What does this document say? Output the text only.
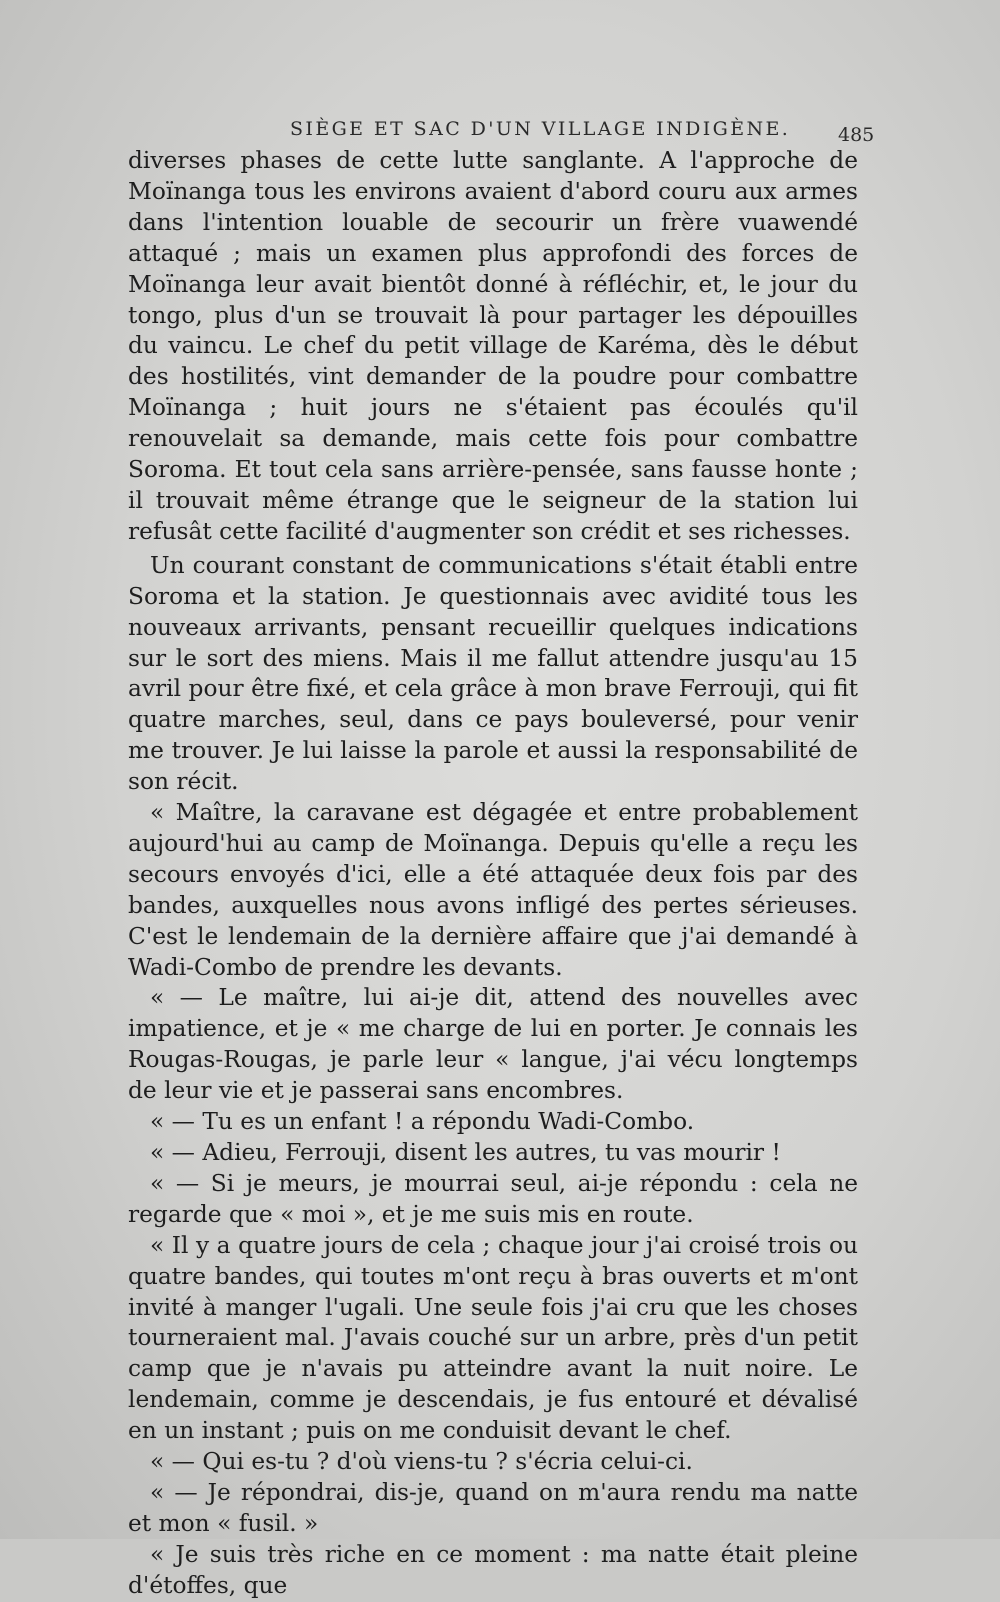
SIÈGE ET SAC D'UN VILLAGE INDIGÈNE.	485

diverses phases de cette lutte sanglante. A l'approche de Moïnanga tous les environs avaient d'abord couru aux armes dans l'intention louable de secourir un frère vuawendé attaqué ; mais un examen plus approfondi des forces de Moïnanga leur avait bientôt donné à réfléchir, et, le jour du tongo, plus d'un se trouvait là pour partager les dépouilles du vaincu. Le chef du petit village de Karéma, dès le début des hostilités, vint demander de la poudre pour combattre Moïnanga ; huit jours ne s'étaient pas écoulés qu'il renouvelait sa demande, mais cette fois pour combattre Soroma. Et tout cela sans arrière-pensée, sans fausse honte ; il trouvait même étrange que le seigneur de la station lui refusât cette facilité d'augmenter son crédit et ses richesses.

Un courant constant de communications s'était établi entre Soroma et la station. Je questionnais avec avidité tous les nouveaux arrivants, pensant recueillir quelques indications sur le sort des miens. Mais il me fallut attendre jusqu'au 15 avril pour être fixé, et cela grâce à mon brave Ferrouji, qui fit quatre marches, seul, dans ce pays bouleversé, pour venir me trouver. Je lui laisse la parole et aussi la responsabilité de son récit.

« Maître, la caravane est dégagée et entre probablement aujourd'hui au camp de Moïnanga. Depuis qu'elle a reçu les secours envoyés d'ici, elle a été attaquée deux fois par des bandes, auxquelles nous avons infligé des pertes sérieuses. C'est le lendemain de la dernière affaire que j'ai demandé à Wadi-Combo de prendre les devants.

« — Le maître, lui ai-je dit, attend des nouvelles avec impatience, et je « me charge de lui en porter. Je connais les Rougas-Rougas, je parle leur « langue, j'ai vécu longtemps de leur vie et je passerai sans encombres.

« — Tu es un enfant ! a répondu Wadi-Combo.

« — Adieu, Ferrouji, disent les autres, tu vas mourir !

« — Si je meurs, je mourrai seul, ai-je répondu : cela ne regarde que « moi », et je me suis mis en route.

« Il y a quatre jours de cela ; chaque jour j'ai croisé trois ou quatre bandes, qui toutes m'ont reçu à bras ouverts et m'ont invité à manger l'ugali. Une seule fois j'ai cru que les choses tourneraient mal. J'avais couché sur un arbre, près d'un petit camp que je n'avais pu atteindre avant la nuit noire. Le lendemain, comme je descendais, je fus entouré et dévalisé en un instant ; puis on me conduisit devant le chef.

« — Qui es-tu ? d'où viens-tu ? s'écria celui-ci.

« — Je répondrai, dis-je, quand on m'aura rendu ma natte et mon « fusil. »

« Je suis très riche en ce moment : ma natte était pleine d'étoffes, que
